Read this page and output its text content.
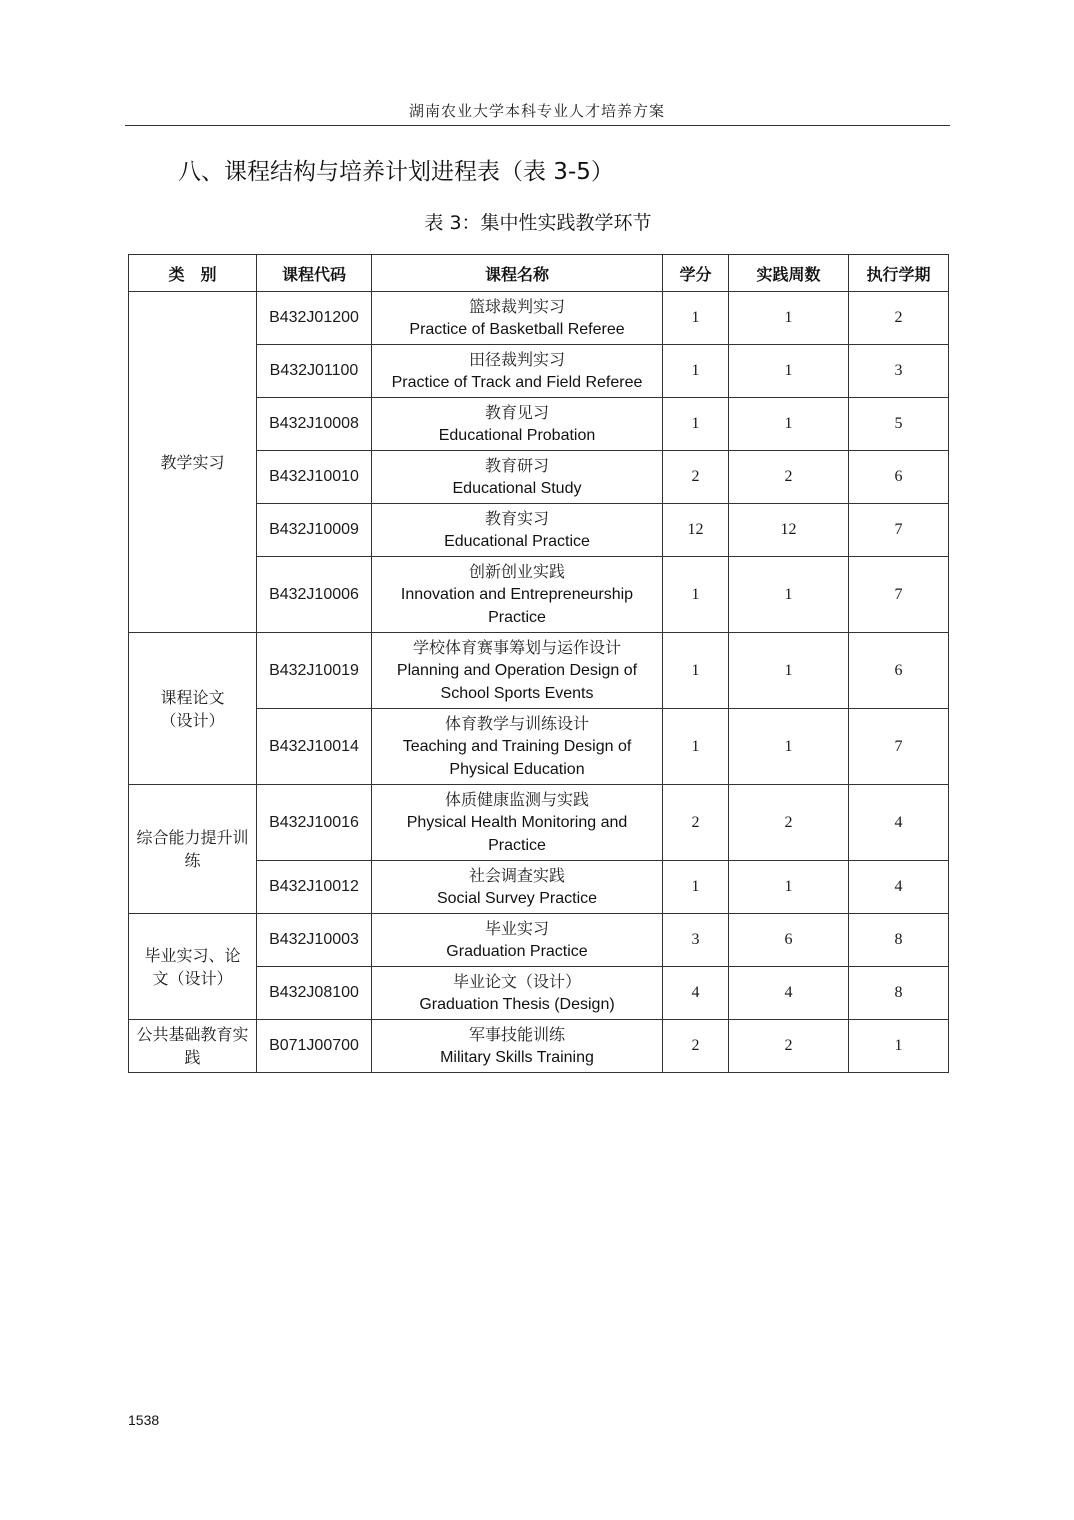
湖南农业大学本科专业人才培养方案
八、课程结构与培养计划进程表（表 3-5）
表 3：集中性实践教学环节
类　别	课程代码	课程名称	学分	实践周数	执行学期
教学实习	B432J01200	篮球裁判实习
Practice of Basketball Referee	1	1	2
	B432J01100	田径裁判实习
Practice of Track and Field Referee	1	1	3
	B432J10008	教育见习
Educational Probation	1	1	5
	B432J10010	教育研习
Educational Study	2	2	6
	B432J10009	教育实习
Educational Practice	12	12	7
	B432J10006	创新创业实践
Innovation and Entrepreneurship Practice	1	1	7
课程论文（设计）	B432J10019	学校体育赛事筹划与运作设计
Planning and Operation Design of School Sports Events	1	1	6
	B432J10014	体育教学与训练设计
Teaching and Training Design of Physical Education	1	1	7
综合能力提升训练	B432J10016	体质健康监测与实践
Physical Health Monitoring and Practice	2	2	4
	B432J10012	社会调查实践
Social Survey Practice	1	1	4
毕业实习、论文（设计）	B432J10003	毕业实习
Graduation Practice	3	6	8
	B432J08100	毕业论文（设计）
Graduation Thesis (Design)	4	4	8
公共基础教育实践	B071J00700	军事技能训练
Military Skills Training	2	2	1
1538
